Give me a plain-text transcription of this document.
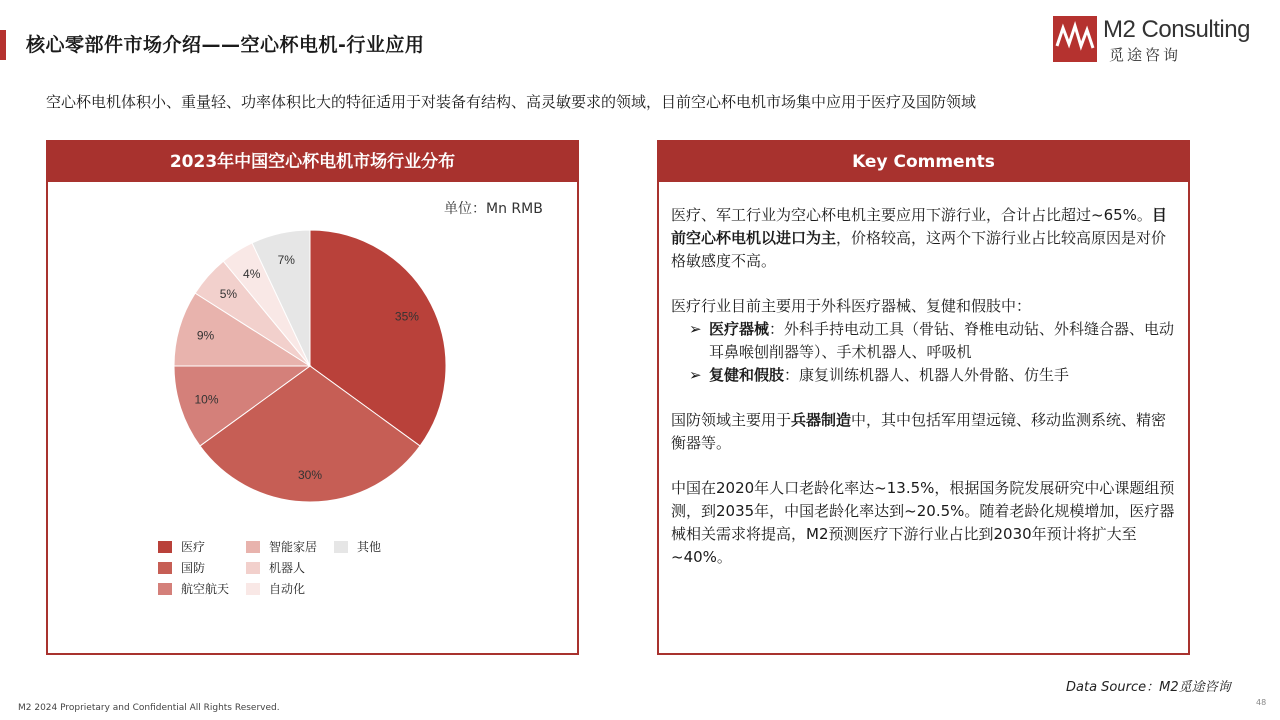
核心零部件市场介绍——空心杯电机-行业应用
M2 Consulting
觅途咨询
空心杯电机体积小、重量轻、功率体积比大的特征适用于对装备有结构、高灵敏要求的领域，目前空心杯电机市场集中应用于医疗及国防领域
2023年中国空心杯电机市场行业分布
单位：Mn RMB
35%
30%
10%
9%
5%
4%
7%
医疗
国防
航空航天
智能家居
机器人
自动化
其他
Key Comments

医疗、军工行业为空心杯电机主要应用下游行业，合计占比超过~65%。目前空心杯电机以进口为主，价格较高，这两个下游行业占比较高原因是对价格敏感度不高。

医疗行业目前主要用于外科医疗器械、复健和假肢中：
➢ 医疗器械：外科手持电动工具（骨钻、脊椎电动钻、外科缝合器、电动耳鼻喉刨削器等）、手术机器人、呼吸机
➢ 复健和假肢：康复训练机器人、机器人外骨骼、仿生手

国防领域主要用于兵器制造中，其中包括军用望远镜、移动监测系统、精密衡器等。

中国在2020年人口老龄化率达~13.5%，根据国务院发展研究中心课题组预测，到2035年，中国老龄化率达到~20.5%。随着老龄化规模增加，医疗器械相关需求将提高，M2预测医疗下游行业占比到2030年预计将扩大至~40%。

Data Source：M2觅途咨询
M2 2024 Proprietary and Confidential All Rights Reserved.
48
